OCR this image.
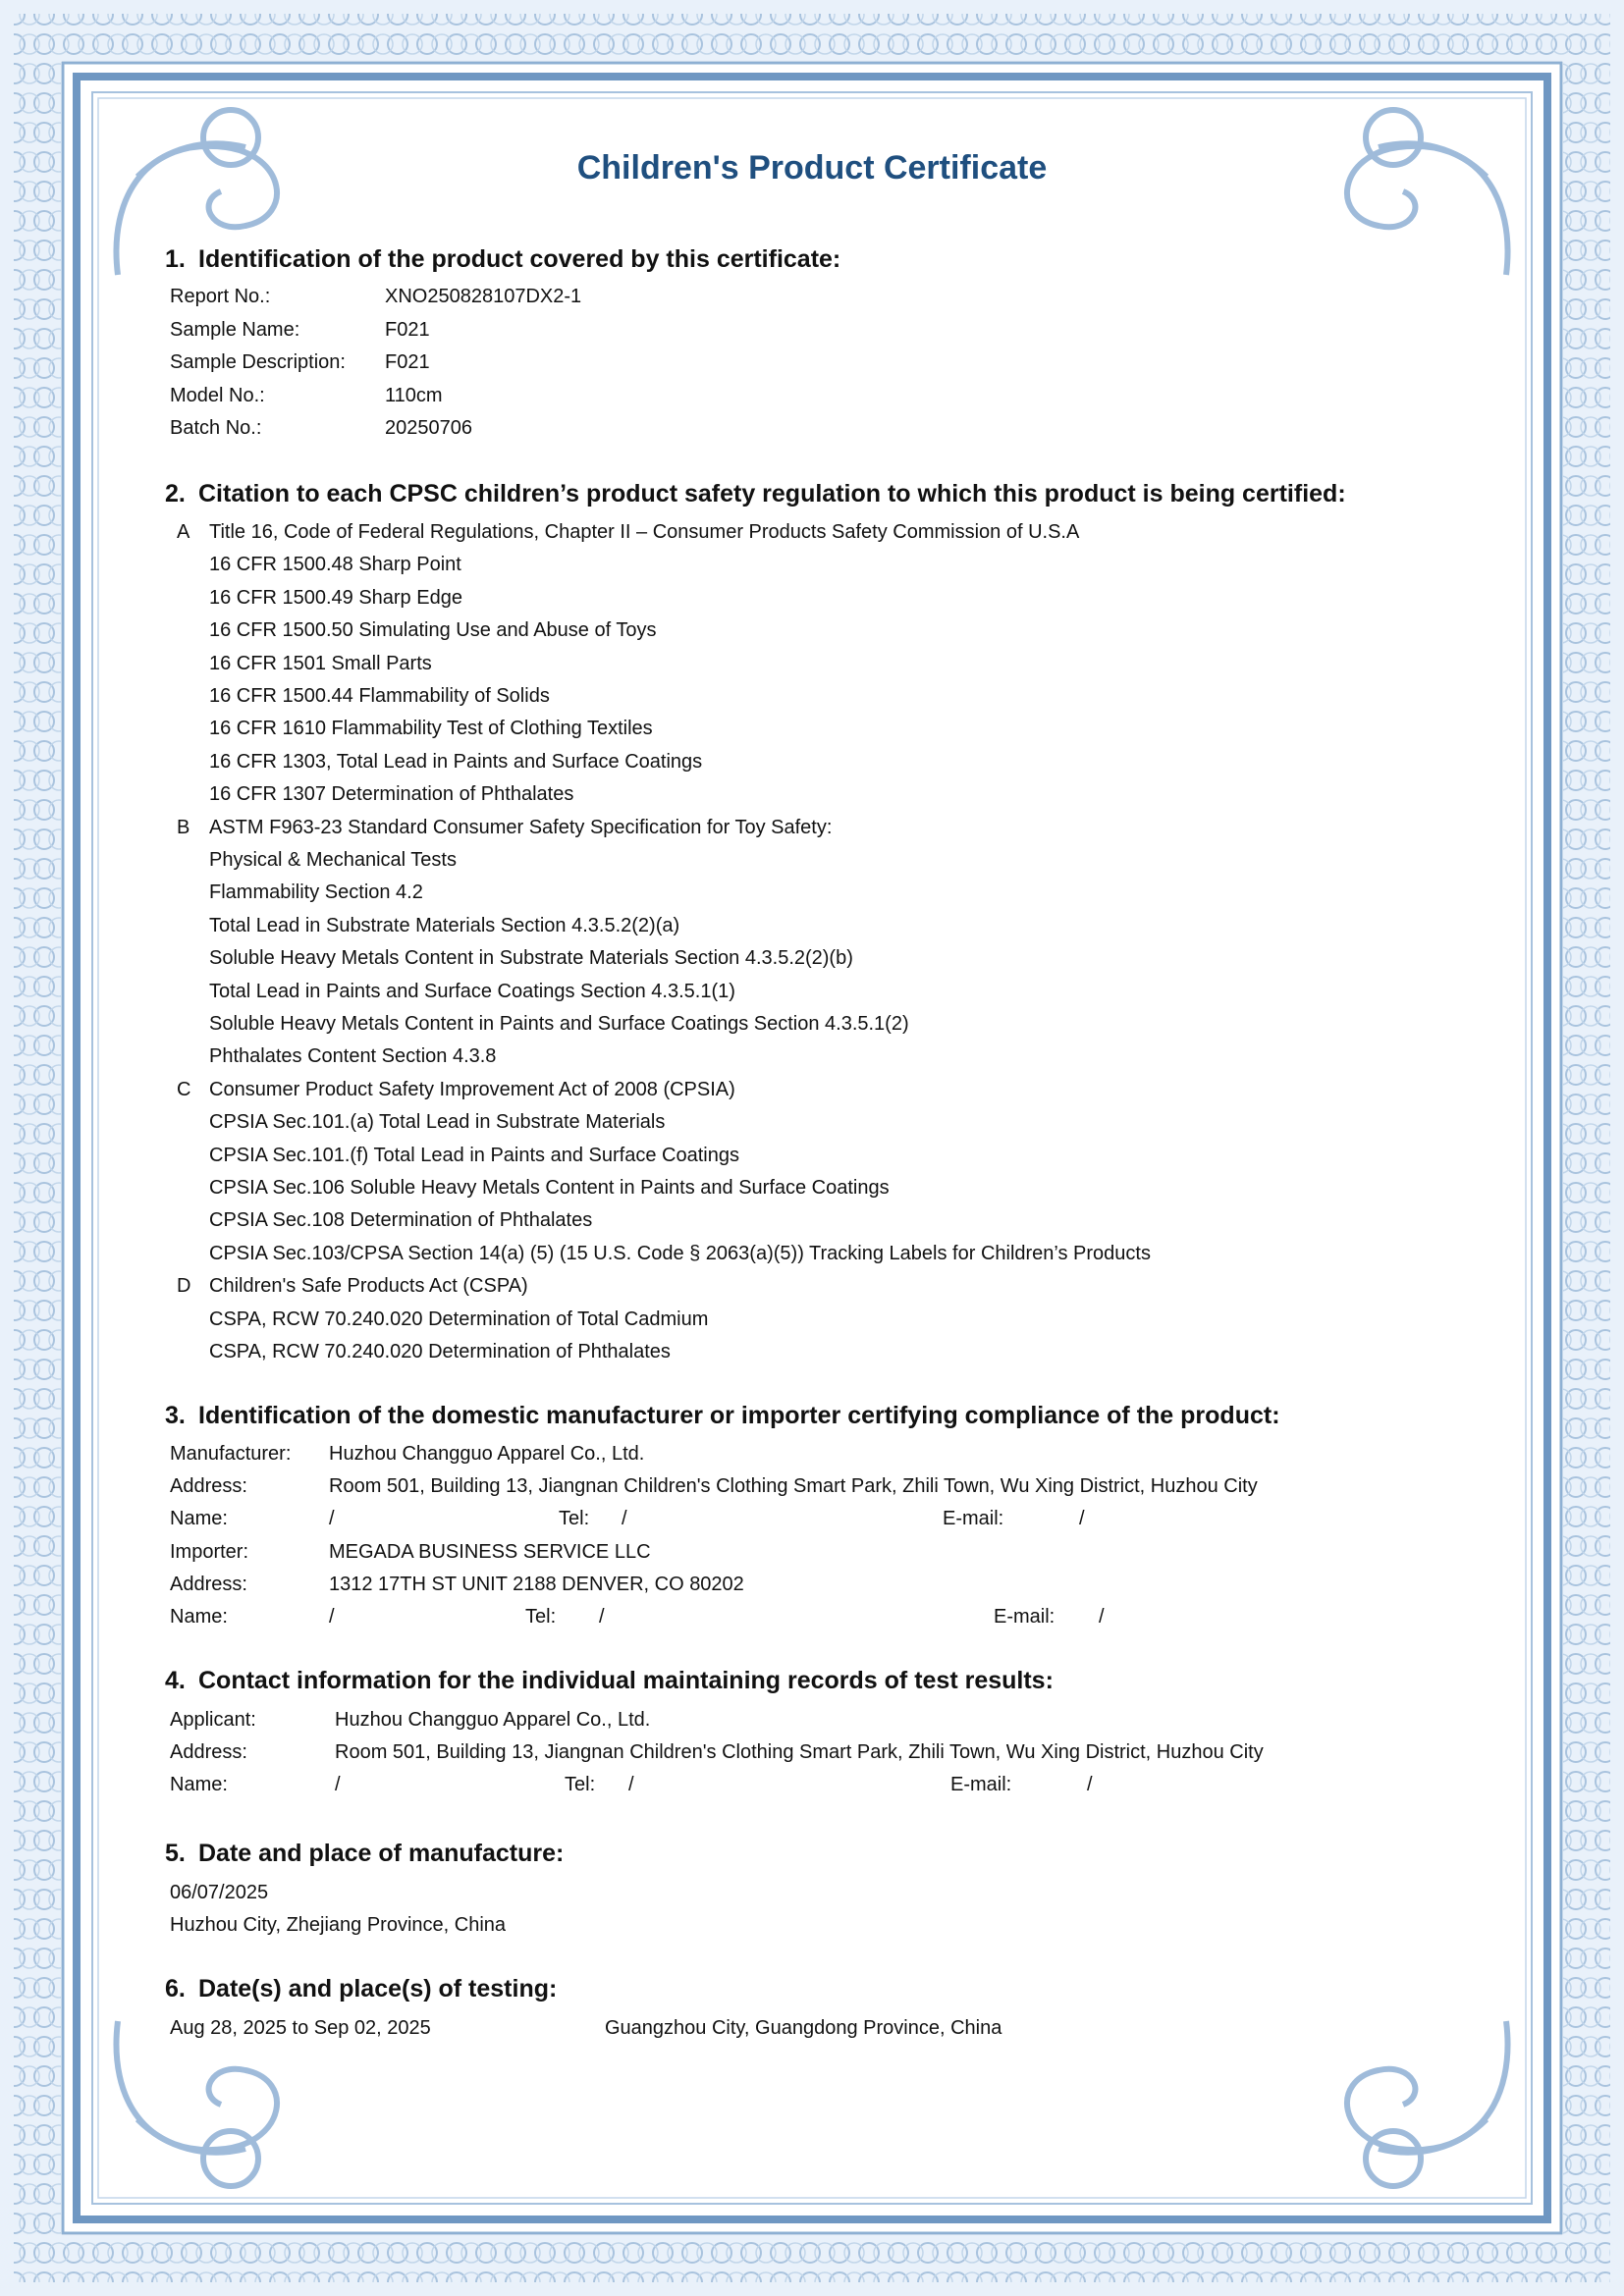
Children's Product Certificate
1. Identification of the product covered by this certificate:
Report No.:	XNO250828107DX2-1
Sample Name:	F021
Sample Description: F021
Model No.:	110cm
Batch No.:	20250706
2. Citation to each CPSC children’s product safety regulation to which this product is being certified:
A Title 16, Code of Federal Regulations, Chapter II – Consumer Products Safety Commission of U.S.A
16 CFR 1500.48 Sharp Point
16 CFR 1500.49 Sharp Edge
16 CFR 1500.50 Simulating Use and Abuse of Toys
16 CFR 1501 Small Parts
16 CFR 1500.44 Flammability of Solids
16 CFR 1610 Flammability Test of Clothing Textiles
16 CFR 1303, Total Lead in Paints and Surface Coatings
16 CFR 1307 Determination of Phthalates
B ASTM F963-23 Standard Consumer Safety Specification for Toy Safety:
Physical & Mechanical Tests
Flammability Section 4.2
Total Lead in Substrate Materials Section 4.3.5.2(2)(a)
Soluble Heavy Metals Content in Substrate Materials Section 4.3.5.2(2)(b)
Total Lead in Paints and Surface Coatings Section 4.3.5.1(1)
Soluble Heavy Metals Content in Paints and Surface Coatings Section 4.3.5.1(2)
Phthalates Content Section 4.3.8
C Consumer Product Safety Improvement Act of 2008 (CPSIA)
CPSIA Sec.101.(a) Total Lead in Substrate Materials
CPSIA Sec.101.(f) Total Lead in Paints and Surface Coatings
CPSIA Sec.106 Soluble Heavy Metals Content in Paints and Surface Coatings
CPSIA Sec.108 Determination of Phthalates
CPSIA Sec.103/CPSA Section 14(a) (5) (15 U.S. Code § 2063(a)(5)) Tracking Labels for Children’s Products
D Children's Safe Products Act (CSPA)
CSPA, RCW 70.240.020 Determination of Total Cadmium
CSPA, RCW 70.240.020 Determination of Phthalates
3. Identification of the domestic manufacturer or importer certifying compliance of the product:
Manufacturer: Huzhou Changguo Apparel Co., Ltd.
Address:	Room 501, Building 13, Jiangnan Children's Clothing Smart Park, Zhili Town, Wu Xing District, Huzhou City
Name:	/	Tel: /	E-mail:	/
Importer:	MEGADA BUSINESS SERVICE LLC
Address:	1312 17TH ST UNIT 2188 DENVER, CO 80202
Name:	/	Tel: /	E-mail: /
4. Contact information for the individual maintaining records of test results:
Applicant:	Huzhou Changguo Apparel Co., Ltd.
Address:	Room 501, Building 13, Jiangnan Children's Clothing Smart Park, Zhili Town, Wu Xing District, Huzhou City
Name:	/	Tel: /	E-mail:	/
5. Date and place of manufacture:
06/07/2025
Huzhou City, Zhejiang Province, China
6. Date(s) and place(s) of testing:
Aug 28, 2025 to Sep 02, 2025	Guangzhou City, Guangdong Province, China
